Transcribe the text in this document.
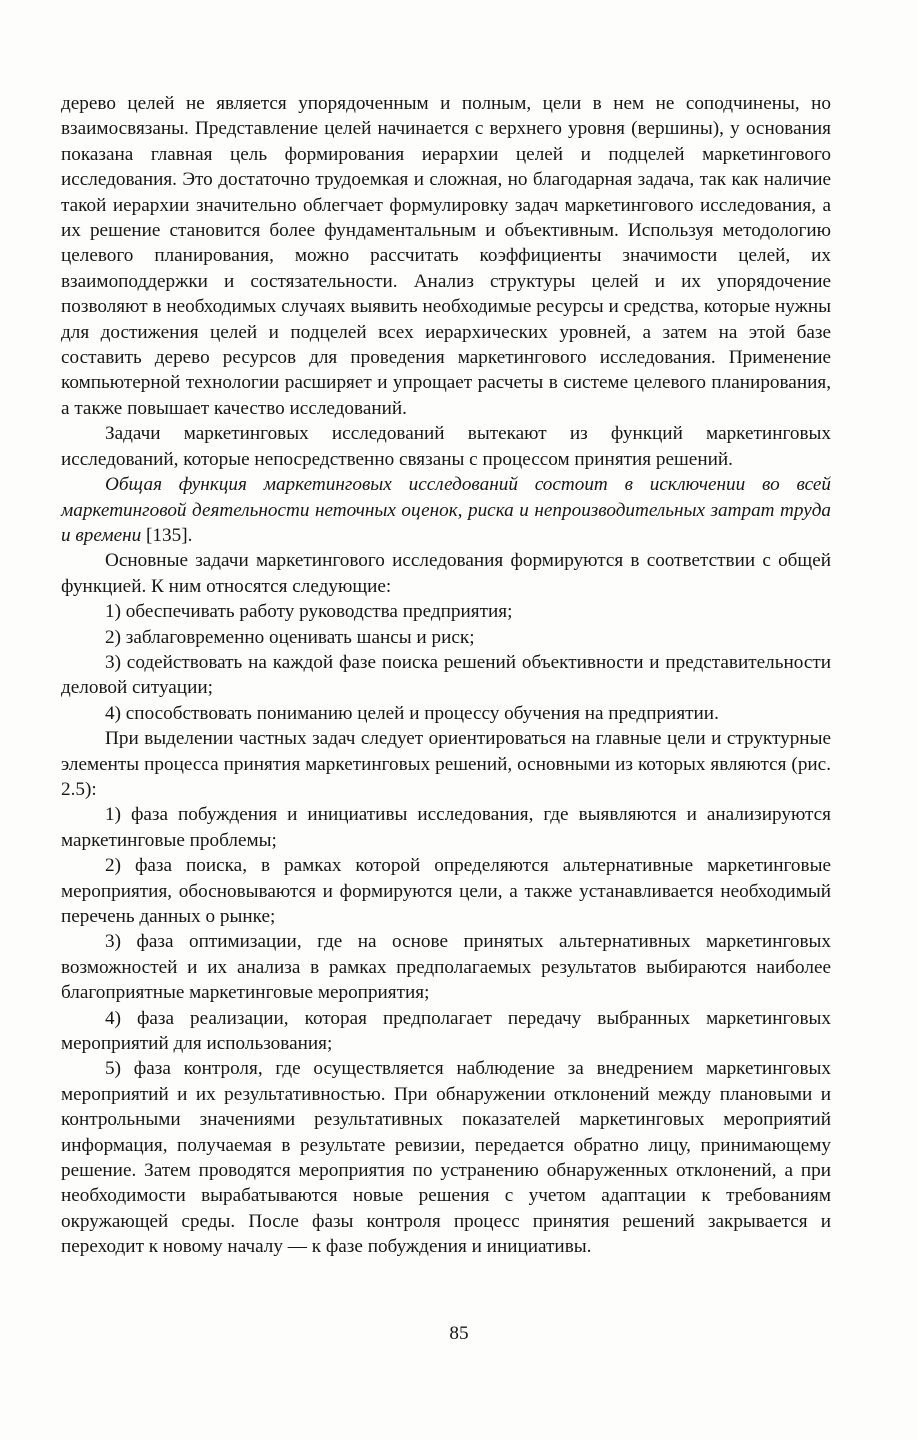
дерево целей не является упорядоченным и полным, цели в нем не соподчинены, но взаимосвязаны. Представление целей начинается с верхнего уровня (вершины), у основания показана главная цель формирования иерархии целей и подцелей маркетингового исследования. Это достаточно трудоемкая и сложная, но благодарная задача, так как наличие такой иерархии значительно облегчает формулировку задач маркетингового исследования, а их решение становится более фундаментальным и объективным. Используя методологию целевого планирования, можно рассчитать коэффициенты значимости целей, их взаимоподдержки и состязательности. Анализ структуры целей и их упорядочение позволяют в необходимых случаях выявить необходимые ресурсы и средства, которые нужны для достижения целей и подцелей всех иерархических уровней, а затем на этой базе составить дерево ресурсов для проведения маркетингового исследования. Применение компьютерной технологии расширяет и упрощает расчеты в системе целевого планирования, а также повышает качество исследований.

Задачи маркетинговых исследований вытекают из функций маркетинговых исследований, которые непосредственно связаны с процессом принятия решений.

Общая функция маркетинговых исследований состоит в исключении во всей маркетинговой деятельности неточных оценок, риска и непроизводительных затрат труда и времени [135].

Основные задачи маркетингового исследования формируются в соответствии с общей функцией. К ним относятся следующие:

1) обеспечивать работу руководства предприятия;

2) заблаговременно оценивать шансы и риск;

3) содействовать на каждой фазе поиска решений объективности и представительности деловой ситуации;

4) способствовать пониманию целей и процессу обучения на предприятии.

При выделении частных задач следует ориентироваться на главные цели и структурные элементы процесса принятия маркетинговых решений, основными из которых являются (рис. 2.5):

1) фаза побуждения и инициативы исследования, где выявляются и анализируются маркетинговые проблемы;

2) фаза поиска, в рамках которой определяются альтернативные маркетинговые мероприятия, обосновываются и формируются цели, а также устанавливается необходимый перечень данных о рынке;

3) фаза оптимизации, где на основе принятых альтернативных маркетинговых возможностей и их анализа в рамках предполагаемых результатов выбираются наиболее благоприятные маркетинговые мероприятия;

4) фаза реализации, которая предполагает передачу выбранных маркетинговых мероприятий для использования;

5) фаза контроля, где осуществляется наблюдение за внедрением маркетинговых мероприятий и их результативностью. При обнаружении отклонений между плановыми и контрольными значениями результативных показателей маркетинговых мероприятий информация, получаемая в результате ревизии, передается обратно лицу, принимающему решение. Затем проводятся мероприятия по устранению обнаруженных отклонений, а при необходимости вырабатываются новые решения с учетом адаптации к требованиям окружающей среды. После фазы контроля процесс принятия решений закрывается и переходит к новому началу — к фазе побуждения и инициативы.

85
